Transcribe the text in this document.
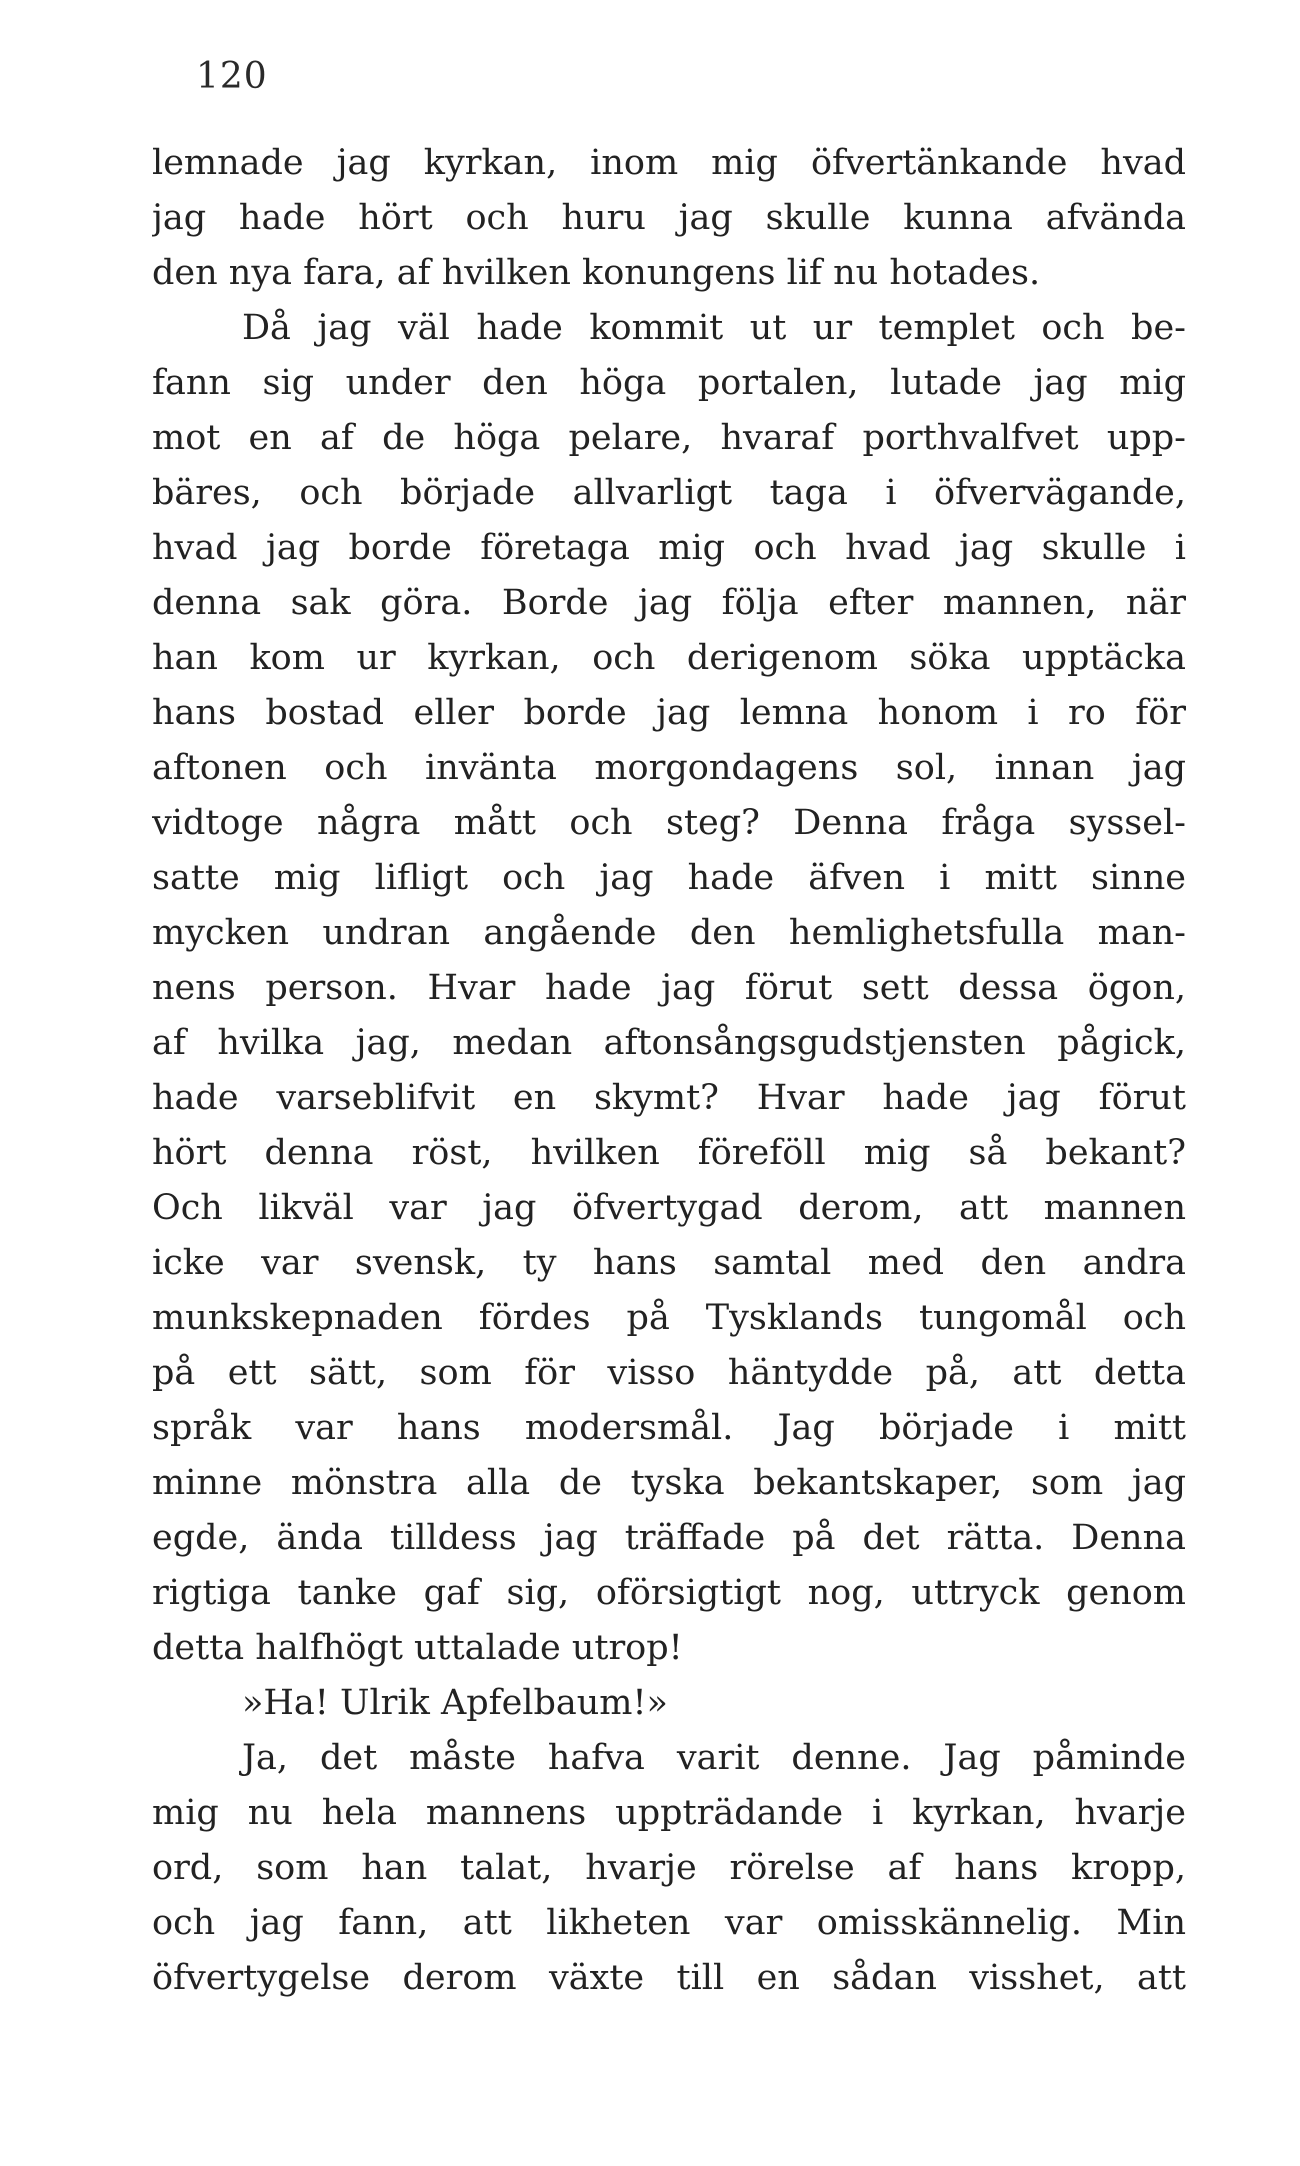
120
lemnade jag kyrkan, inom mig öfvertänkande hvad
jag hade hört och huru jag skulle kunna afvända
den nya fara, af hvilken konungens lif nu hotades.
Då jag väl hade kommit ut ur templet och be-
fann sig under den höga portalen, lutade jag mig
mot en af de höga pelare, hvaraf porthvalfvet upp-
bäres, och började allvarligt taga i öfvervägande,
hvad jag borde företaga mig och hvad jag skulle i
denna sak göra. Borde jag följa efter mannen, när
han kom ur kyrkan, och derigenom söka upptäcka
hans bostad eller borde jag lemna honom i ro för
aftonen och invänta morgondagens sol, innan jag
vidtoge några mått och steg? Denna fråga syssel-
satte mig lifligt och jag hade äfven i mitt sinne
mycken undran angående den hemlighetsfulla man-
nens person. Hvar hade jag förut sett dessa ögon,
af hvilka jag, medan aftonsångsgudstjensten pågick,
hade varseblifvit en skymt? Hvar hade jag förut
hört denna röst, hvilken föreföll mig så bekant?
Och likväl var jag öfvertygad derom, att mannen
icke var svensk, ty hans samtal med den andra
munkskepnaden fördes på Tysklands tungomål och
på ett sätt, som för visso häntydde på, att detta
språk var hans modersmål. Jag började i mitt
minne mönstra alla de tyska bekantskaper, som jag
egde, ända tilldess jag träffade på det rätta. Denna
rigtiga tanke gaf sig, oförsigtigt nog, uttryck genom
detta halfhögt uttalade utrop!
»Ha! Ulrik Apfelbaum!»
Ja, det måste hafva varit denne. Jag påminde
mig nu hela mannens uppträdande i kyrkan, hvarje
ord, som han talat, hvarje rörelse af hans kropp,
och jag fann, att likheten var omisskännelig. Min
öfvertygelse derom växte till en sådan visshet, att
